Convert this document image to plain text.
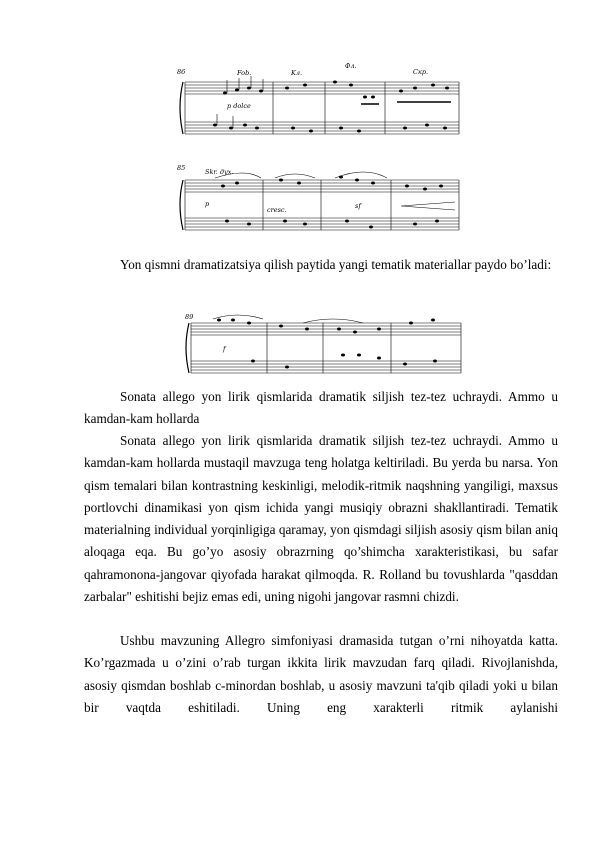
86	Fob.	Kл.
Фл.
Скр.
p dolce
85	Skr. дух.
p
cresc.	sf

Yon qismni dramatizatsiya qilish paytida yangi tematik materiallar paydo bo’ladi:

89
f

Sonata allego yon lirik qismlarida dramatik siljish tez-tez uchraydi. Ammo u kamdan-kam hollarda

Sonata allego yon lirik qismlarida dramatik siljish tez-tez uchraydi. Ammo u kamdan-kam hollarda mustaqil mavzuga teng holatga keltiriladi. Bu yerda bu narsa. Yon qism temalari bilan kontrastning keskinligi, melodik-ritmik naqshning yangiligi, maxsus portlovchi dinamikasi yon qism ichida yangi musiqiy obrazni shakllantiradi. Tematik materialning individual yorqinligiga qaramay, yon qismdagi siljish asosiy qism bilan aniq aloqaga eqa. Bu go’yo asosiy obrazrning qo’shimcha xarakteristikasi, bu safar qahramonona-jangovar qiyofada harakat qilmoqda. R. Rolland bu tovushlarda "qasddan zarbalar" eshitishi bejiz emas edi, uning nigohi jangovar rasmni chizdi.

Ushbu mavzuning Allegro simfoniyasi dramasida tutgan o’rni nihoyatda katta. Ko’rgazmada u o’zini o’rab turgan ikkita lirik mavzudan farq qiladi. Rivojlanishda, asosiy qismdan boshlab c-minordan boshlab, u asosiy mavzuni ta'qib qiladi yoki u bilan bir vaqtda eshitiladi. Uning eng xarakterli ritmik aylanishi
